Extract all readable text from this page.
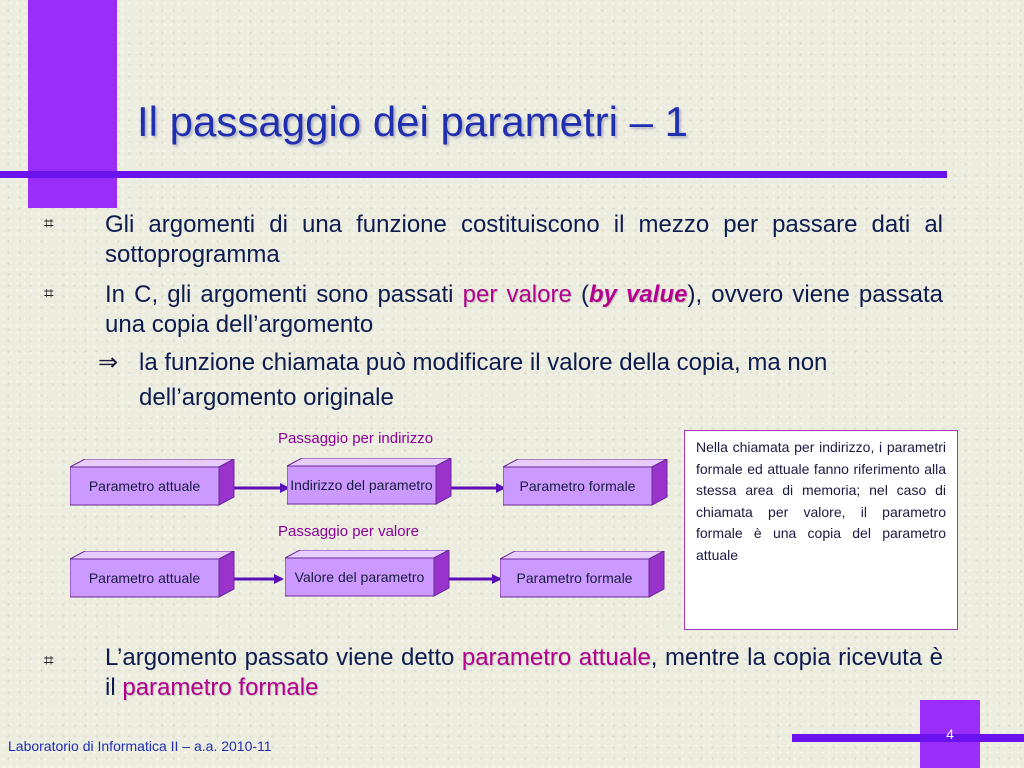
Il passaggio dei parametri – 1
⌗ Gli argomenti di una funzione costituiscono il mezzo per passare dati al sottoprogramma
⌗ In C, gli argomenti sono passati per valore (by value), ovvero viene passata una copia dell’argomento
⇒ la funzione chiamata può modificare il valore della copia, ma non dell’argomento originale
Passaggio per indirizzo
Passaggio per valore
Parametro attuale	Indirizzo del parametro	Parametro formale
Parametro attuale	Valore del parametro	Parametro formale
Nella chiamata per indirizzo, i parametri formale ed attuale fanno riferimento alla stessa area di memoria; nel caso di chiamata per valore, il parametro formale è una copia del parametro attuale
⌗ L’argomento passato viene detto parametro attuale, mentre la copia ricevuta è il parametro formale
Laboratorio di Informatica II – a.a. 2010-11
4
